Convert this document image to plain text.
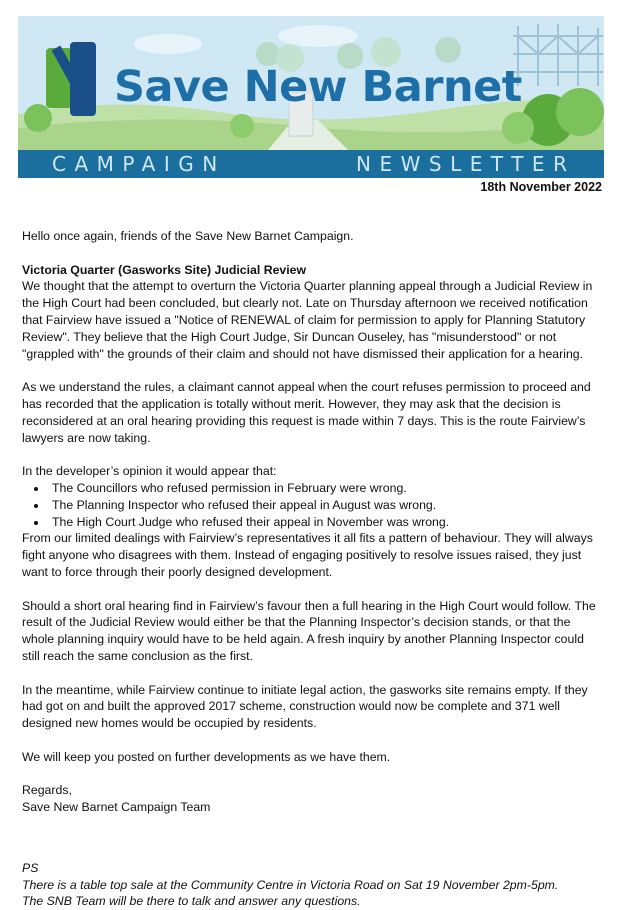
Save New Barnet
CAMPAIGN	NEWSLETTER
18th November 2022

Hello once again, friends of the Save New Barnet Campaign.

Victoria Quarter (Gasworks Site) Judicial Review

We thought that the attempt to overturn the Victoria Quarter planning appeal through a Judicial Review in the High Court had been concluded, but clearly not. Late on Thursday afternoon we received notification that Fairview have issued a "Notice of RENEWAL of claim for permission to apply for Planning Statutory Review". They believe that the High Court Judge, Sir Duncan Ouseley, has "misunderstood" or not "grappled with" the grounds of their claim and should not have dismissed their application for a hearing.

As we understand the rules, a claimant cannot appeal when the court refuses permission to proceed and has recorded that the application is totally without merit. However, they may ask that the decision is reconsidered at an oral hearing providing this request is made within 7 days. This is the route Fairview’s lawyers are now taking.

In the developer’s opinion it would appear that:

• The Councillors who refused permission in February were wrong.
• The Planning Inspector who refused their appeal in August was wrong.
• The High Court Judge who refused their appeal in November was wrong.

From our limited dealings with Fairview’s representatives it all fits a pattern of behaviour. They will always fight anyone who disagrees with them. Instead of engaging positively to resolve issues raised, they just want to force through their poorly designed development.

Should a short oral hearing find in Fairview’s favour then a full hearing in the High Court would follow. The result of the Judicial Review would either be that the Planning Inspector’s decision stands, or that the whole planning inquiry would have to be held again. A fresh inquiry by another Planning Inspector could still reach the same conclusion as the first.

In the meantime, while Fairview continue to initiate legal action, the gasworks site remains empty. If they had got on and built the approved 2017 scheme, construction would now be complete and 371 well designed new homes would be occupied by residents.

We will keep you posted on further developments as we have them.

Regards,
Save New Barnet Campaign Team
PS
There is a table top sale at the Community Centre in Victoria Road on Sat 19 November 2pm-5pm.
The SNB Team will be there to talk and answer any questions.
